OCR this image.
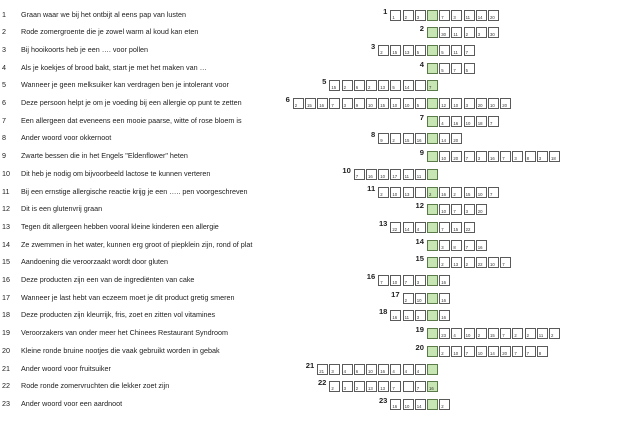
1	Graan waar we bij het ontbijt al eens pap van lusten
2	Rode zomergroente die je zowel warm al koud kan eten
3	Bij hooikoorts heb je een …. voor pollen
4	Als je koekjes of brood bakt, start je met het maken van …
5	Wanneer je geen melksuiker kan verdragen ben je intolerant voor
6	Deze persoon helpt je om je voeding bij een allergie op punt te zetten
7	Een allergeen dat eveneens een mooie paarse, witte of rose bloem is
8	Ander woord voor okkernoot
9	Zwarte bessen die in het Engels "Eldenflower" heten
10	Dit heb je nodig om bijvoorbeeld lactose te kunnen verteren
11	Bij een ernstige allergische reactie krijg je een ….. pen voorgeschreven
12	Dit is een glutenvrij graan
13	Tegen dit allergeen hebben vooral kleine kinderen een allergie
14	Ze zwemmen in het water, kunnen erg groot of piepklein zijn, rond of plat
15	Aandoening die veroorzaakt wordt door gluten
16	Deze producten zijn een van de ingrediënten van cake
17	Wanneer je last hebt van eczeem moet je dit product gretig smeren
18	Deze producten zijn kleurrijk, fris, zoet en zitten vol vitamines
19	Veroorzakers van onder meer het Chinees Restaurant Syndroom
20	Kleine ronde bruine nootjes die vaak gebruikt worden in gebak
21	Ander woord voor fruitsuiker
22	Rode ronde zomervruchten die lekker zoet zijn
23	Ander woord voor een aardnoot
1
1 2 3	7 3 11 14 20
2
30 11 2 3 30
3
2 15 13 5	5 11 7
4
5 7 5
5
15 2 6 2 13 5 14	7
6
2 15 16 7 3 9 10 15 10 10 5	12 10 3 20 10 20
7
4 16 10 18 7
8
9 2 15 16	14 20
9
10 20 7 3 16 7 3 8 3 18
10
7 16 10 17 11 11
11
2 10 13	2 16 2 15 10 7
12
10 7 3 20
13
22 14 4	7 15 22
14
3 8 7 16
15
2 13 2 22 10 7
16
7 10 7 3	16
17
2 10	16
18
16 11 3	16
19
23 4 10 2 15 7 2 2 11 2
20
2 10 7 10 14 20 7 7 8
21
21 3 4 6 10 16 4 4 4
22
2 3 2 13 13 7	7 16
23
16 10 14	2
